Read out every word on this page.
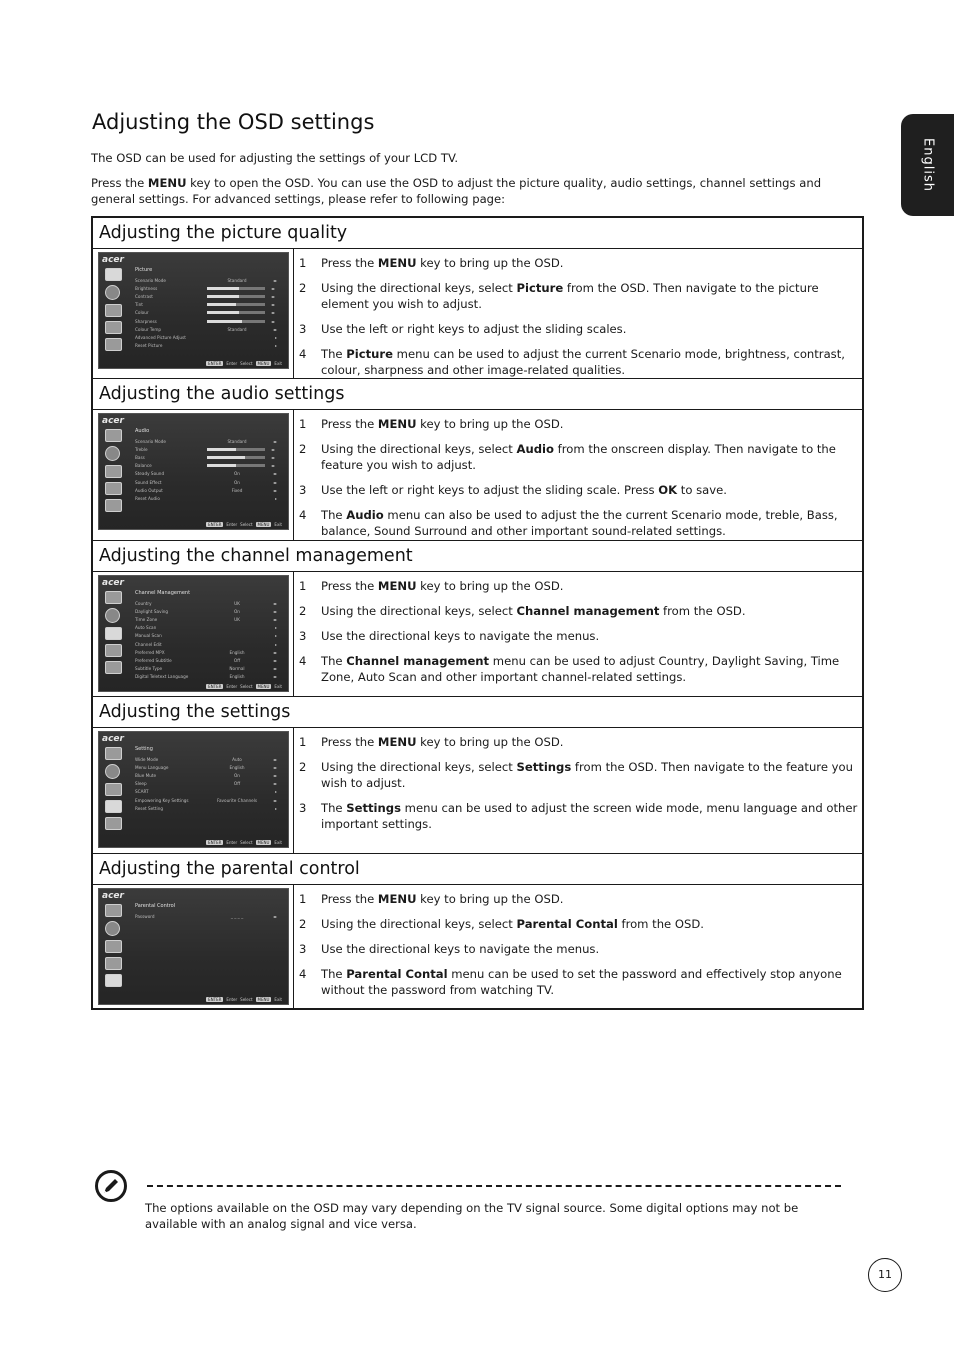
Adjusting the OSD settings
The OSD can be used for adjusting the settings of your LCD TV.
Press the MENU key to open the OSD. You can use the OSD to adjust the picture quality, audio settings, channel settings and general settings. For advanced settings, please refer to following page:
English
Adjusting the picture quality
acer
Picture
Scenario Mode	Standard	◂▸
Brightness	◂▸
Contrast	◂▸
Tint	◂▸
Colour	◂▸
Sharpness	◂▸
Colour Temp	Standard	◂▸
Advanced Picture Adjust	▸
Reset Picture	▸
ENTER	Enter Select	MENU	Exit
1 Press the MENU key to bring up the OSD.
2 Using the directional keys, select Picture from the OSD. Then navigate to the picture element you wish to adjust.
3 Use the left or right keys to adjust the sliding scales.
4 The Picture menu can be used to adjust the current Scenario mode, brightness, contrast, colour, sharpness and other image-related qualities.
Adjusting the audio settings
acer
Audio
Scenario Mode	Standard	◂▸
Treble	◂▸
Bass	◂▸
Balance	◂▸
Steady Sound	On	◂▸
Sound Effect	On	◂▸
Audio Output	Fixed	◂▸
Reset Audio	▸
ENTER	Enter Select	MENU	Exit
1 Press the MENU key to bring up the OSD.
2 Using the directional keys, select Audio from the onscreen display. Then navigate to the feature you wish to adjust.
3 Use the left or right keys to adjust the sliding scale. Press OK to save.
4 The Audio menu can also be used to adjust the the current Scenario mode, treble, Bass, balance, Sound Surround and other important sound-related settings.
Adjusting the channel management
acer
Channel Management
Country	UK	◂▸
Daylight Saving	On	◂▸
Time Zone	UK	◂▸
Auto Scan	▸
Manual Scan	▸
Channel Edit	▸
Preferred MPX	English	◂▸
Preferred Subtitle	Off	◂▸
Subtitle Type	Normal	◂▸
Digital Teletext Language	English	◂▸
ENTER	Enter Select	MENU	Exit
1 Press the MENU key to bring up the OSD.
2 Using the directional keys, select Channel management from the OSD.
3 Use the directional keys to navigate the menus.
4 The Channel management menu can be used to adjust Country, Daylight Saving, Time Zone, Auto Scan and other important channel-related settings.
Adjusting the settings
acer
Setting
Wide Mode	Auto	◂▸
Menu Language	English	◂▸
Blue Mute	On	◂▸
Sleep	Off	◂▸
SCART	▸
Empowering Key Settings	Favourite Channels	◂▸
Reset Setting	▸
ENTER	Enter Select	MENU	Exit
1 Press the MENU key to bring up the OSD.
2 Using the directional keys, select Settings from the OSD. Then navigate to the feature you wish to adjust.
3 The Settings menu can be used to adjust the screen wide mode, menu language and other important settings.
Adjusting the parental control
acer
Parental Control
Password	_ _ _ _	◂▸
ENTER	Enter Select	MENU	Exit
1 Press the MENU key to bring up the OSD.
2 Using the directional keys, select Parental Contal from the OSD.
3 Use the directional keys to navigate the menus.
4 The Parental Contal menu can be used to set the password and effectively stop anyone without the password from watching TV.
The options available on the OSD may vary depending on the TV signal source. Some digital options may not be available with an analog signal and vice versa.
11
